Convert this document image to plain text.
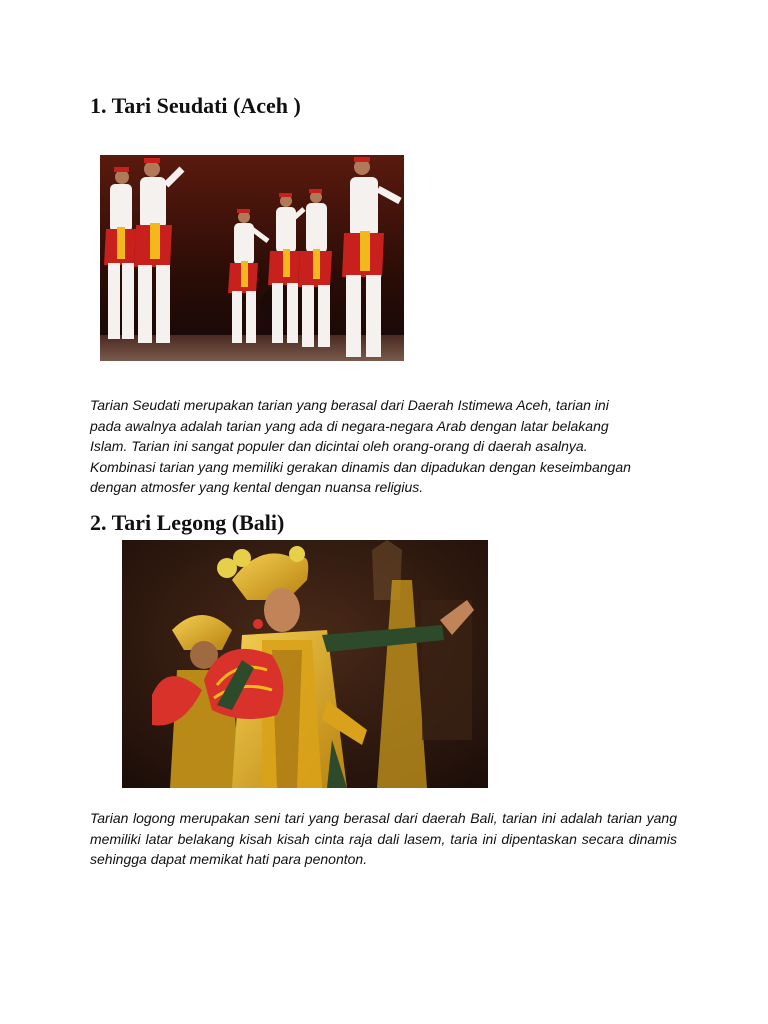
1. Tari Seudati (Aceh )

Tarian Seudati merupakan tarian yang berasal dari Daerah Istimewa Aceh, tarian ini
pada awalnya adalah tarian yang ada di negara-negara Arab dengan latar belakang
Islam. Tarian ini sangat populer dan dicintai oleh orang-orang di daerah asalnya.
Kombinasi tarian yang memiliki gerakan dinamis dan dipadukan dengan keseimbangan
dengan atmosfer yang kental dengan nuansa religius.

2. Tari Legong (Bali)

Tarian logong merupakan seni tari yang berasal dari daerah Bali, tarian ini adalah tarian yang memiliki latar belakang kisah kisah cinta raja dali lasem, taria ini dipentaskan secara dinamis sehingga dapat memikat hati para penonton.
